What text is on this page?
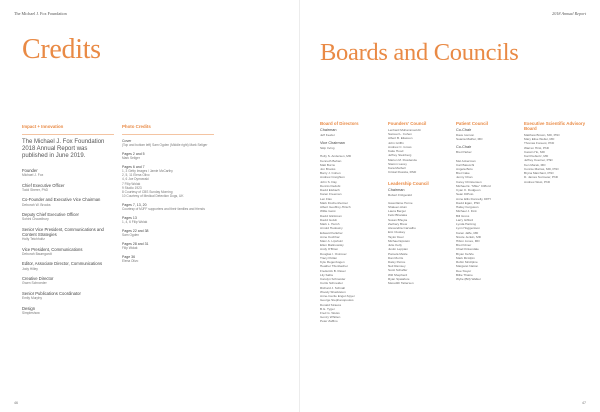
The Michael J. Fox Foundation
Credits
Impact + Innovation
The Michael J. Fox Foundation 2018 Annual Report was published in June 2019.
Founder
Michael J. Fox
Chief Executive Officer
Todd Sherer, PhD
Co-Founder and Executive Vice Chairman
Deborah W. Brooks
Deputy Chief Executive Officer
Sohini Chowdhury
Senior Vice President, Communications and Content Strategies
Holly Teichholtz
Vice President, Communications
Deborah Baumgardt
Editor, Associate Director, Communications
Jody Hilley
Creative Director
Gwen Schroeder
Senior Publications Coordinator
Emily Murphy
Design
Simpleshow
Photo Credits
Cover
(Top and bottom left) Sam Ogden (Middle right) Mark Seliger
Pages 2 and 5
Mark Seliger
Pages 6 and 7
1, 3 Getty Images / Jamie McCarthy
2, 5, 11 Elena Olivo
4, 6 Joe Dymowski
7 Filip Wolak
9 Studio 1923
8 Courtesy of CBS Sunday Morning
10 Courtesy of Medical Detection Dogs, UK
Pages 7, 13, 20
Courtesy of MJFF supporters and their families and friends
Pages 13
1, 4, 6 Filip Wolak
Pages 22 and 38
Sam Ogden
Pages 28 and 31
Filip Wolak
Page 36
Elena Olivo
46
2018 Annual Report
Boards and Councils
Board of Directors
Chairman
Jeff Keefer
Vice Chairman
Skip Irving
Holly S. Andersen, MD
Kenneth Behan
Matt Burns
Jon Brooks
Barry J. Cohen
Andrew Creighton
John S. Day
Dennis Dedobi
David Eisbach
Karen Freeman
Len Flax
Mark Fischenheimer
Albert Geoffroy-Hirsch
Willie Geist
David Glickman
David Golub
Mark L. Hersh
Arnold Hodowny
Edward Kelleher
Anne Kochhar
Marc A. Lipshutz
Ellen Malinowsky
Andy O'Brien
Douglas I. Ostrover
Tracy Pollan
Kyle Regenbogen
Heather Tifenbacher
Frederick B. Ravel
Lily Safra
Carolyn Schneider
Curtis Schneider
Richard J. Schnall
Woody Shackleton
Anne-Cecile Engel-Spyer
George Stephanopoulos
Donald Strauss
B.G. Tyger
Fred G. Weiss
Gonzy Whitten
Peter Zaffino
Founders' Council
Lenhard Muhammad Ali
Samuel L. Cohen
Albert B. Eliasson
John Griffin
Andrew C. Gross
Katie Hood
Jeffrey Steinberg
Marion M. Rosdenda
Stamm Lacey
Kara Marbell
Cristal Rossita, RSD
Leadership Council
Chairman
Robert Fitzgerald
Gwenllaine Horne
Shaleen Alum
Laura Berger
Felix Bharaka
Susan Bhuyia
Zachary Brew
Alexandria Carvalho
Eric Cluskey
Taylor Deel
Michael Epstein
Julie Kelly
Justin Leppian
Pamela Mekle
Dan Morris
Daisy Peirce
Neil Ramsey
Scott Schaffer
Will Shepherd
Ryan Spatafore
Meredith Tattersen
Patient Council
Co-Chair
Dave Iverson
Soania Mathur, MD
Co-Chair
Bret Parker
Mel Ackerman
Carl Baiocchi
Angela Bolo
Bret Cake
Jenny Chan
Carey Christensen
Michael E. "Mike" Clifford
Cyan K. Dodgeon
Sean DiPoto
Anne Ellis Donnelly, DPH
David Egan, PhD
Hailey Ferguson
Michael J. Fink
Bill Gross
Larry Gifford
Lynda Hartzog
Lynn Hoggenison
Karen Jaffe, MD
Nicole Jenkin, MD
Hilton Jones, MD
Bret Kilmer
Chad Kirkendale
Bryan Kehrle
Mark McAlpin
Robin McAlpine
Margaret Nation
Dee Swyer
Billie Thaine
Wylie (Bill) Walker
Executive Scientific Advisory Board
Matthew Brown, MD, PhD
Mary Elise Weller, MD
Thomas Foreest, PhD
Warren Hirst, PhD
Cassin Ho, MD
Karl Kieburtz, MD
Jeffrey Koerner, PhD
Ken Marek, MD
Connie Marras, MD, PhD
Bryna Marchant, PhD
D. James Surmeier, PhD
Andrew West, PhD
47
